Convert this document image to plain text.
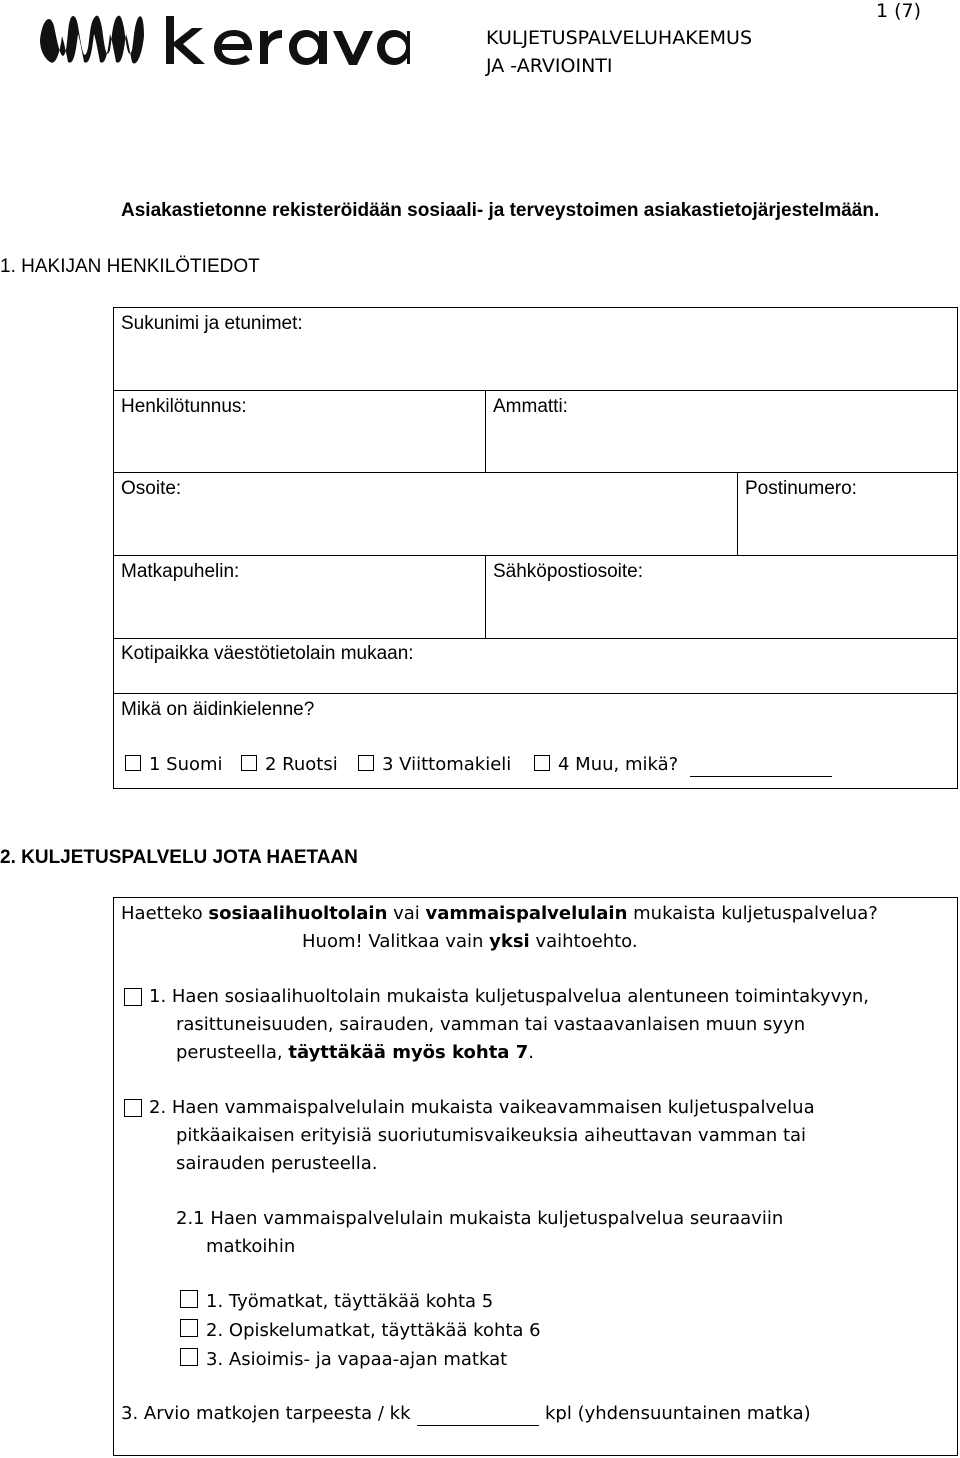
KULJETUSPALVELUHAKEMUS
JA -ARVIOINTI
1 (7)
Asiakastietonne rekisteröidään sosiaali- ja terveystoimen asiakastietojärjestelmään.
1. HAKIJAN HENKILÖTIEDOT
Sukunimi ja etunimet:
Henkilötunnus:	Ammatti:
Osoite:	Postinumero:
Matkapuhelin:	Sähköpostiosoite:
Kotipaikka väestötietolain mukaan:
Mikä on äidinkielenne?
1 Suomi	2 Ruotsi	3 Viittomakieli	4 Muu, mikä?
2. KULJETUSPALVELU JOTA HAETAAN
Haetteko sosiaalihuoltolain vai vammaispalvelulain mukaista kuljetuspalvelua?
Huom! Valitkaa vain yksi vaihtoehto.
1. Haen sosiaalihuoltolain mukaista kuljetuspalvelua alentuneen toimintakyvyn,
rasittuneisuuden, sairauden, vamman tai vastaavanlaisen muun syyn
perusteella, täyttäkää myös kohta 7.
2. Haen vammaispalvelulain mukaista vaikeavammaisen kuljetuspalvelua
pitkäaikaisen erityisiä suoriutumisvaikeuksia aiheuttavan vamman tai
sairauden perusteella.
2.1 Haen vammaispalvelulain mukaista kuljetuspalvelua seuraaviin
matkoihin
1. Työmatkat, täyttäkää kohta 5
2. Opiskelumatkat, täyttäkää kohta 6
3. Asioimis- ja vapaa-ajan matkat
3. Arvio matkojen tarpeesta / kk	kpl (yhdensuuntainen matka)
